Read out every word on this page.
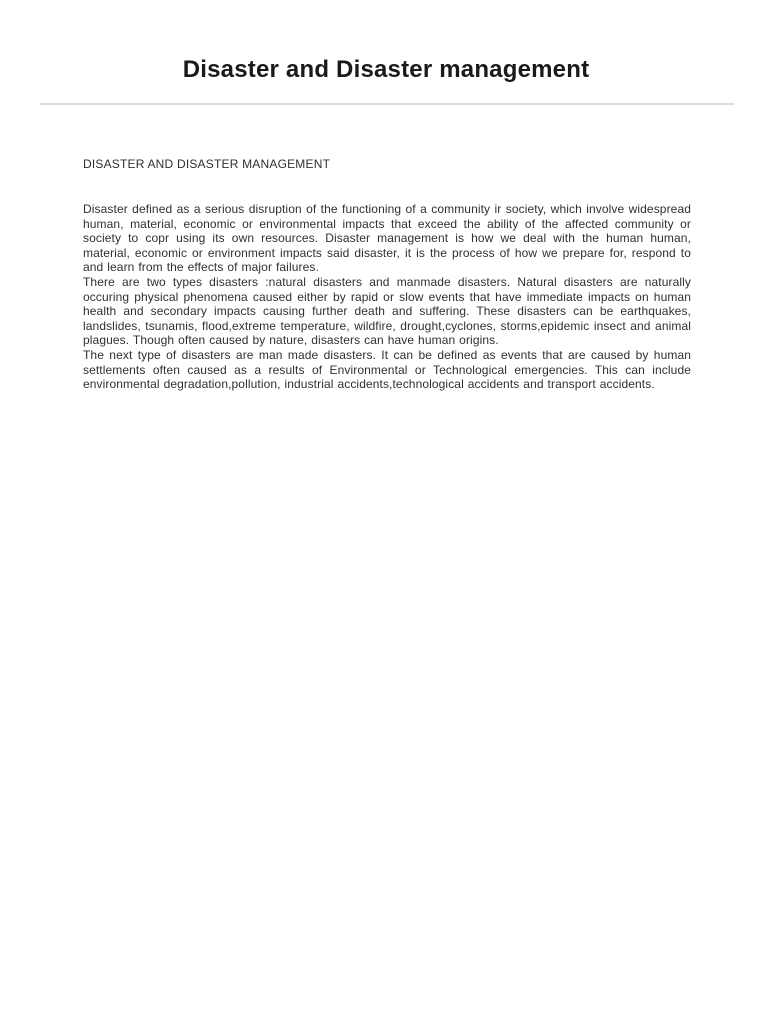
Disaster and Disaster management
DISASTER AND DISASTER MANAGEMENT

Disaster defined as a serious disruption of the functioning of a community ir society, which involve widespread human, material, economic or environmental impacts that exceed the ability of the affected community or society to copr using its own resources. Disaster management is how we deal with the human human, material, economic or environment impacts said disaster, it is the process of how we prepare for, respond to and learn from the effects of major failures.

There are two types disasters :natural disasters and manmade disasters. Natural disasters are naturally occuring physical phenomena caused either by rapid or slow events that have immediate impacts on human health and secondary impacts causing further death and suffering. These disasters can be earthquakes, landslides, tsunamis, flood,extreme temperature, wildfire, drought,cyclones, storms,epidemic insect and animal plagues. Though often caused by nature, disasters can have human origins.

The next type of disasters are man made disasters. It can be defined as events that are caused by human settlements often caused as a results of Environmental or Technological emergencies. This can include environmental degradation,pollution, industrial accidents,technological accidents and transport accidents.
